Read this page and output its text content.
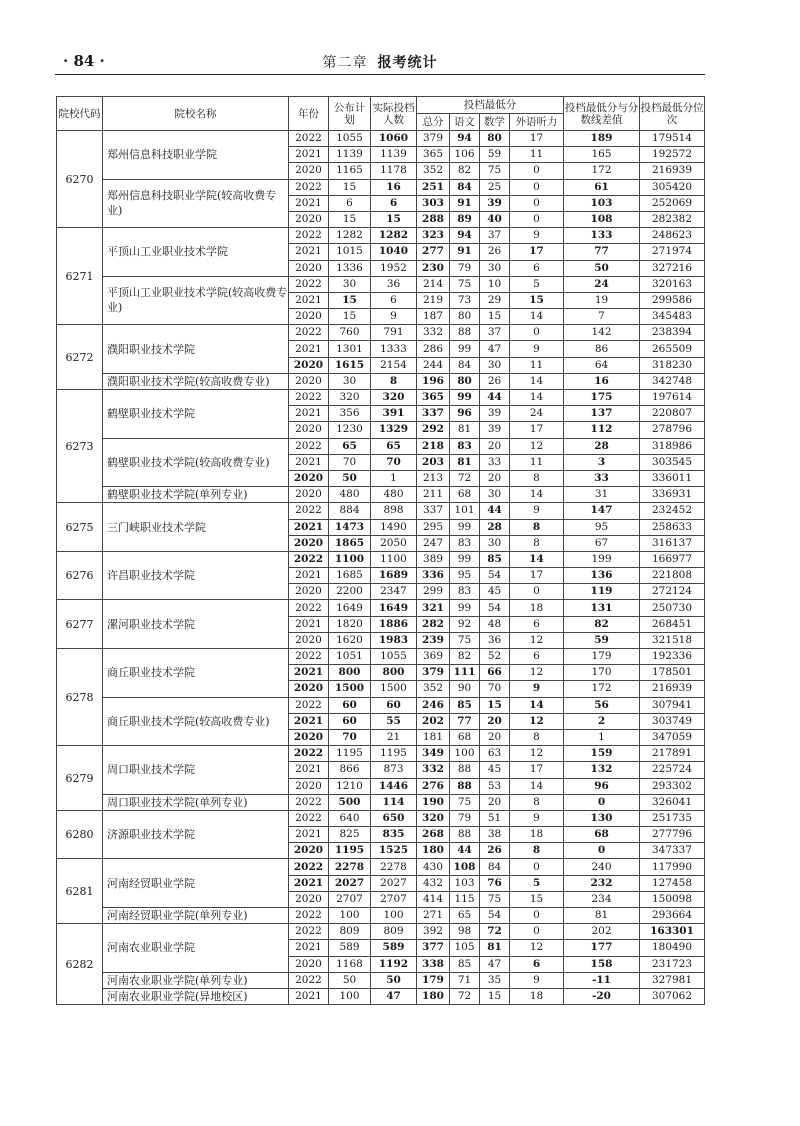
· 84 ·	第二章 报考统计
院校代码	院校名称	年份	公布计划	实际投档人数	投档最低分				投档最低分与分数线差值	投档最低分位次
					总分	语文	数学	外语听力		
6270	郑州信息科技职业学院	2022	1055	1060	379	94	80	17	189	179514
		2021	1139	1139	365	106	59	11	165	192572
		2020	1165	1178	352	82	75	0	172	216939
	郑州信息科技职业学院(较高收费专业)	2022	15	16	251	84	25	0	61	305420
		2021	6	6	303	91	39	0	103	252069
		2020	15	15	288	89	40	0	108	282382
6271	平顶山工业职业技术学院	2022	1282	1282	323	94	37	9	133	248623
		2021	1015	1040	277	91	26	17	77	271974
		2020	1336	1952	230	79	30	6	50	327216
	平顶山工业职业技术学院(较高收费专业)	2022	30	36	214	75	10	5	24	320163
		2021	15	6	219	73	29	15	19	299586
		2020	15	9	187	80	15	14	7	345483
6272	濮阳职业技术学院	2022	760	791	332	88	37	0	142	238394
		2021	1301	1333	286	99	47	9	86	265509
		2020	1615	2154	244	84	30	11	64	318230
	濮阳职业技术学院(较高收费专业)	2020	30	8	196	80	26	14	16	342748
6273	鹤壁职业技术学院	2022	320	320	365	99	44	14	175	197614
		2021	356	391	337	96	39	24	137	220807
		2020	1230	1329	292	81	39	17	112	278796
	鹤壁职业技术学院(较高收费专业)	2022	65	65	218	83	20	12	28	318986
		2021	70	70	203	81	33	11	3	303545
		2020	50	1	213	72	20	8	33	336011
	鹤壁职业技术学院(单列专业)	2020	480	480	211	68	30	14	31	336931
6275	三门峡职业技术学院	2022	884	898	337	101	44	9	147	232452
		2021	1473	1490	295	99	28	8	95	258633
		2020	1865	2050	247	83	30	8	67	316137
6276	许昌职业技术学院	2022	1100	1100	389	99	85	14	199	166977
		2021	1685	1689	336	95	54	17	136	221808
		2020	2200	2347	299	83	45	0	119	272124
6277	漯河职业技术学院	2022	1649	1649	321	99	54	18	131	250730
		2021	1820	1886	282	92	48	6	82	268451
		2020	1620	1983	239	75	36	12	59	321518
6278	商丘职业技术学院	2022	1051	1055	369	82	52	6	179	192336
		2021	800	800	379	111	66	12	170	178501
		2020	1500	1500	352	90	70	9	172	216939
	商丘职业技术学院(较高收费专业)	2022	60	60	246	85	15	14	56	307941
		2021	60	55	202	77	20	12	2	303749
		2020	70	21	181	68	20	8	1	347059
6279	周口职业技术学院	2022	1195	1195	349	100	63	12	159	217891
		2021	866	873	332	88	45	17	132	225724
		2020	1210	1446	276	88	53	14	96	293302
	周口职业技术学院(单列专业)	2022	500	114	190	75	20	8	0	326041
6280	济源职业技术学院	2022	640	650	320	79	51	9	130	251735
		2021	825	835	268	88	38	18	68	277796
		2020	1195	1525	180	44	26	8	0	347337
6281	河南经贸职业学院	2022	2278	2278	430	108	84	0	240	117990
		2021	2027	2027	432	103	76	5	232	127458
		2020	2707	2707	414	115	75	15	234	150098
	河南经贸职业学院(单列专业)	2022	100	100	271	65	54	0	81	293664
6282	河南农业职业学院	2022	809	809	392	98	72	0	202	163301
		2021	589	589	377	105	81	12	177	180490
		2020	1168	1192	338	85	47	6	158	231723
	河南农业职业学院(单列专业)	2022	50	50	179	71	35	9	-11	327981
	河南农业职业学院(异地校区)	2021	100	47	180	72	15	18	-20	307062
